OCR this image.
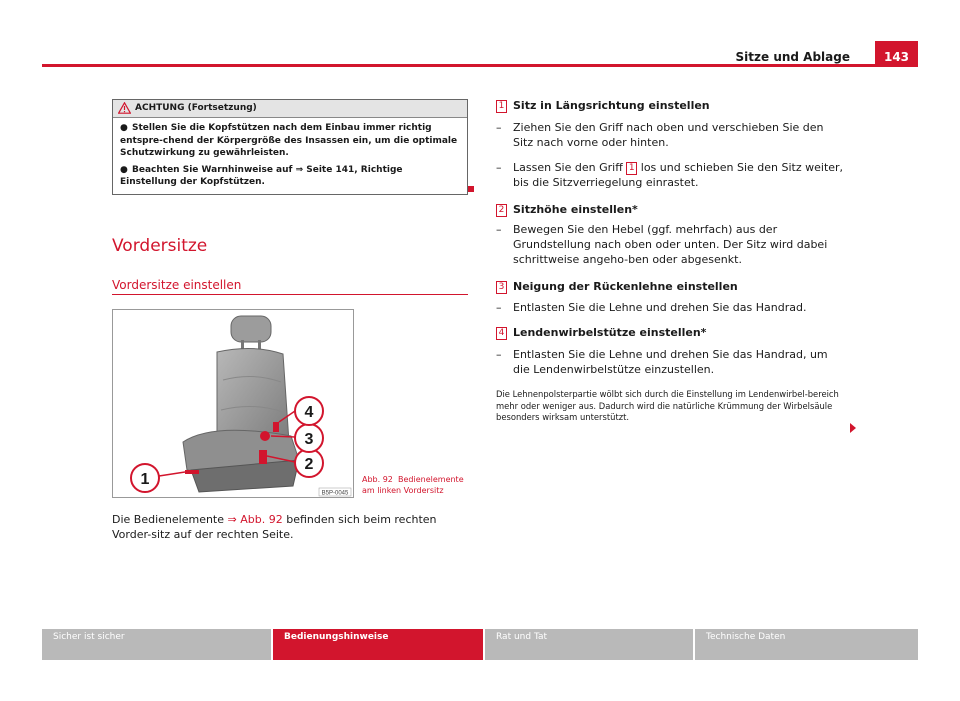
Sitze und Ablage	143
ACHTUNG (Fortsetzung)

● Stellen Sie die Kopfstützen nach dem Einbau immer richtig entspre-chend der Körpergröße des Insassen ein, um die optimale Schutzwirkung zu gewährleisten.

● Beachten Sie Warnhinweise auf ⇒ Seite 141, Richtige Einstellung der Kopfstützen.

Vordersitze
Vordersitze einstellen
1
2
3
4
B5P-0045
Abb. 92 Bedienelemente
am linken Vordersitz
Die Bedienelemente ⇒ Abb. 92 befinden sich beim rechten Vorder-sitz auf der rechten Seite.
1 Sitz in Längsrichtung einstellen
– Ziehen Sie den Griff nach oben und verschieben Sie den Sitz nach vorne oder hinten.
– Lassen Sie den Griff 1 los und schieben Sie den Sitz weiter, bis die Sitzverriegelung einrastet.
2 Sitzhöhe einstellen*
– Bewegen Sie den Hebel (ggf. mehrfach) aus der Grundstellung nach oben oder unten. Der Sitz wird dabei schrittweise angeho-ben oder abgesenkt.
3 Neigung der Rückenlehne einstellen
– Entlasten Sie die Lehne und drehen Sie das Handrad.
4 Lendenwirbelstütze einstellen*
– Entlasten Sie die Lehne und drehen Sie das Handrad, um die Lendenwirbelstütze einzustellen.
Die Lehnenpolsterpartie wölbt sich durch die Einstellung im Lendenwirbel-bereich mehr oder weniger aus. Dadurch wird die natürliche Krümmung der Wirbelsäule besonders wirksam unterstützt.
Sicher ist sicher	Bedienungshinweise	Rat und Tat	Technische Daten
